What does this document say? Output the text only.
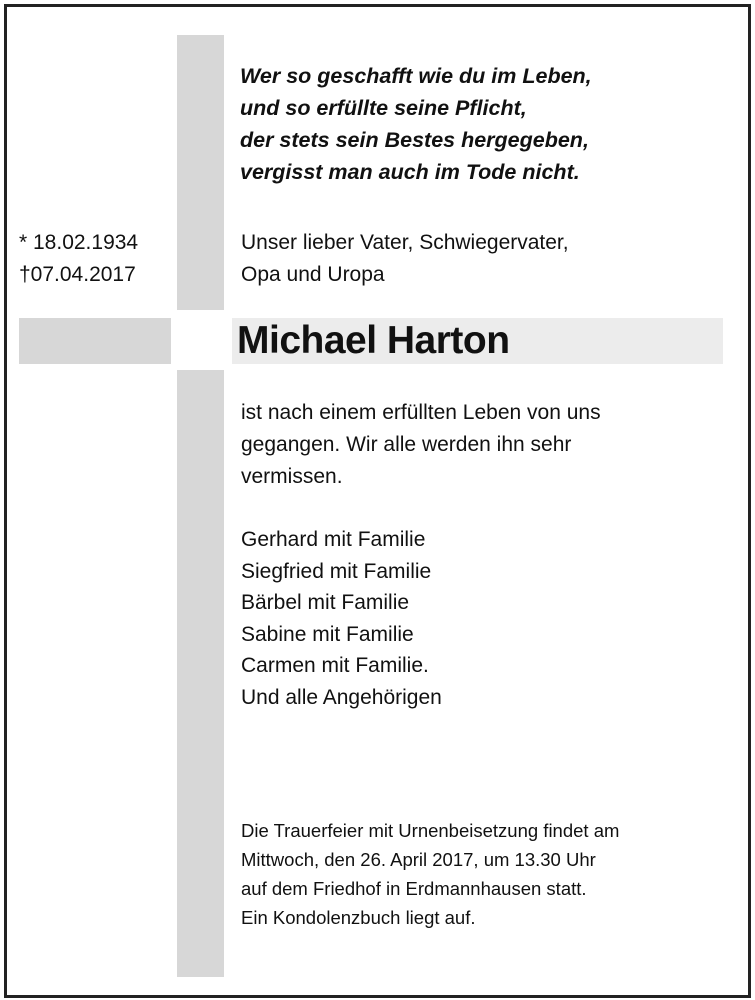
Wer so geschafft wie du im Leben,
und so erfüllte seine Pflicht,
der stets sein Bestes hergegeben,
vergisst man auch im Tode nicht.
* 18.02.1934
†07.04.2017
Unser lieber Vater, Schwiegervater,
Opa und Uropa
Michael Harton
ist nach einem erfüllten Leben von uns
gegangen. Wir alle werden ihn sehr
vermissen.
Gerhard mit Familie
Siegfried mit Familie
Bärbel mit Familie
Sabine mit Familie
Carmen mit Familie.
Und alle Angehörigen
Die Trauerfeier mit Urnenbeisetzung findet am
Mittwoch, den 26. April 2017, um 13.30 Uhr
auf dem Friedhof in Erdmannhausen statt.
Ein Kondolenzbuch liegt auf.
